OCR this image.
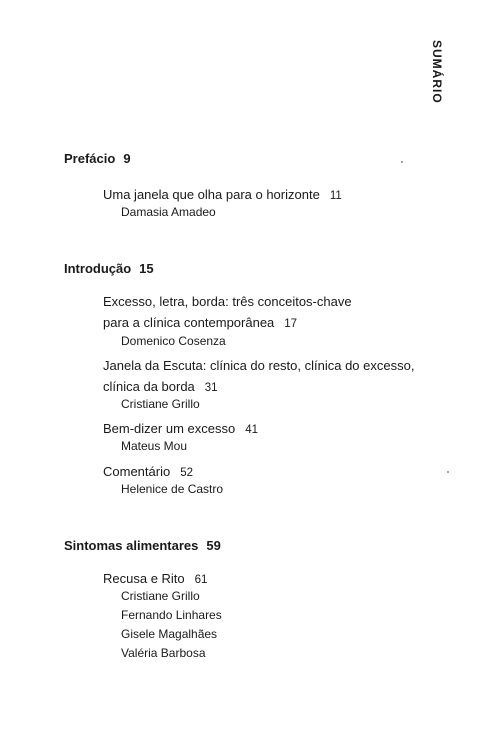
SUMÁRIO
Prefácio 9
Uma janela que olha para o horizonte 11
Damasia Amadeo
Introdução 15
Excesso, letra, borda: três conceitos-chave
para a clínica contemporânea 17
Domenico Cosenza
Janela da Escuta: clínica do resto, clínica do excesso,
clínica da borda 31
Cristiane Grillo
Bem-dizer um excesso 41
Mateus Mou
Comentário 52
Helenice de Castro
Sintomas alimentares 59
Recusa e Rito 61
Cristiane Grillo
Fernando Linhares
Gisele Magalhães
Valéria Barbosa
